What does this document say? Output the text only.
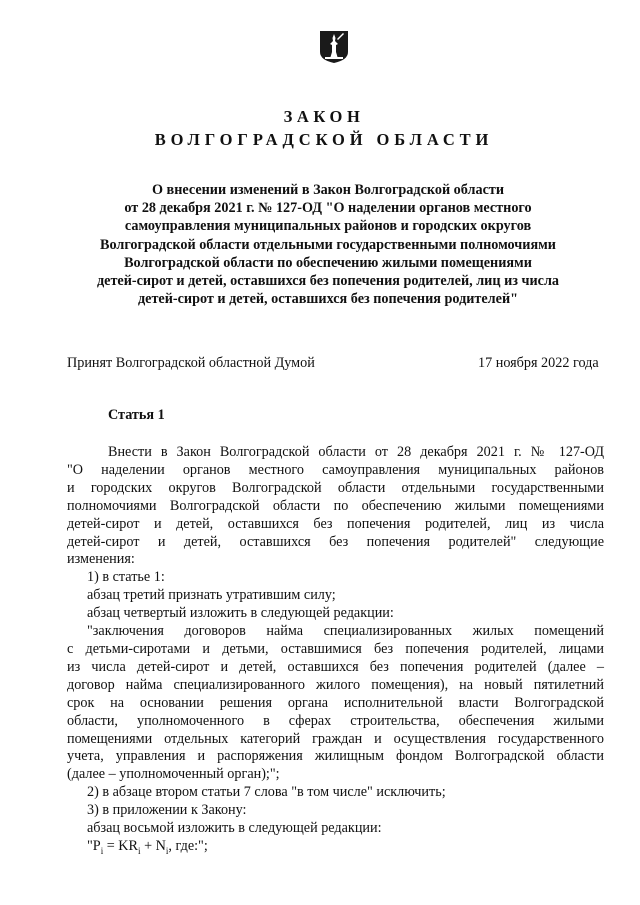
ЗАКОН
ВОЛГОГРАДСКОЙ ОБЛАСТИ
О внесении изменений в Закон Волгоградской области
от 28 декабря 2021 г. № 127-ОД "О наделении органов местного
самоуправления муниципальных районов и городских округов
Волгоградской области отдельными государственными полномочиями
Волгоградской области по обеспечению жилыми помещениями
детей-сирот и детей, оставшихся без попечения родителей, лиц из числа
детей-сирот и детей, оставшихся без попечения родителей"
Принят Волгоградской областной Думой	17 ноября 2022 года
Статья 1
Внести в Закон Волгоградской области от 28 декабря 2021 г. № 127-ОД
"О наделении органов местного самоуправления муниципальных районов
и городских округов Волгоградской области отдельными государственными
полномочиями Волгоградской области по обеспечению жилыми помещениями
детей-сирот и детей, оставшихся без попечения родителей, лиц из числа
детей-сирот и детей, оставшихся без попечения родителей" следующие
изменения:
1) в статье 1:
абзац третий признать утратившим силу;
абзац четвертый изложить в следующей редакции:
"заключения договоров найма специализированных жилых помещений
с детьми-сиротами и детьми, оставшимися без попечения родителей, лицами
из числа детей-сирот и детей, оставшихся без попечения родителей (далее –
договор найма специализированного жилого помещения), на новый пятилетний
срок на основании решения органа исполнительной власти Волгоградской
области, уполномоченного в сферах строительства, обеспечения жилыми
помещениями отдельных категорий граждан и осуществления государственного
учета, управления и распоряжения жилищным фондом Волгоградской области
(далее – уполномоченный орган);";
2) в абзаце втором статьи 7 слова "в том числе" исключить;
3) в приложении к Закону:
абзац восьмой изложить в следующей редакции:
"$P_i = KR_i + N_i$, где:";
